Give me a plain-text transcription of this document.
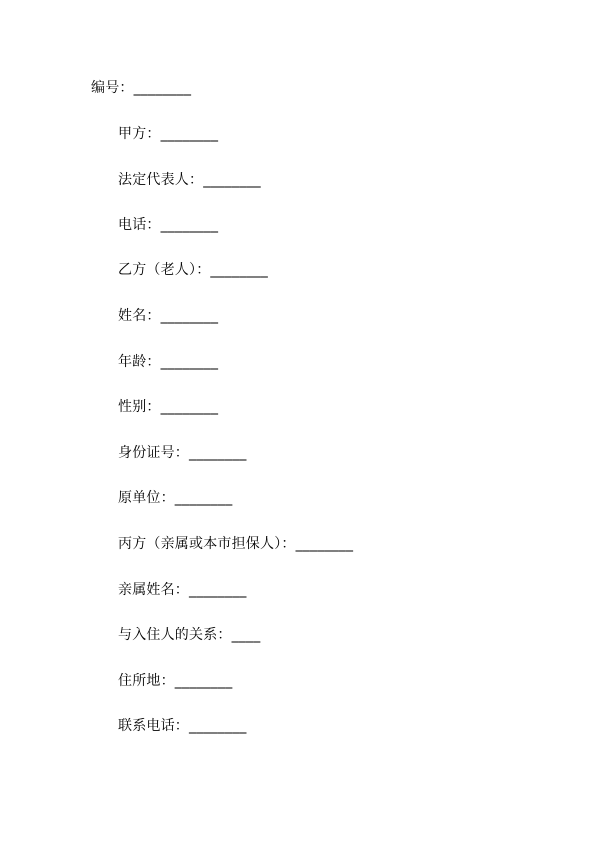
编号：________
甲方：________
法定代表人：________
电话：________
乙方（老人）：________
姓名：________
年龄：________
性别：________
身份证号：________
原单位：________
丙方（亲属或本市担保人）：________
亲属姓名：________
与入住人的关系：____
住所地：________
联系电话：________
